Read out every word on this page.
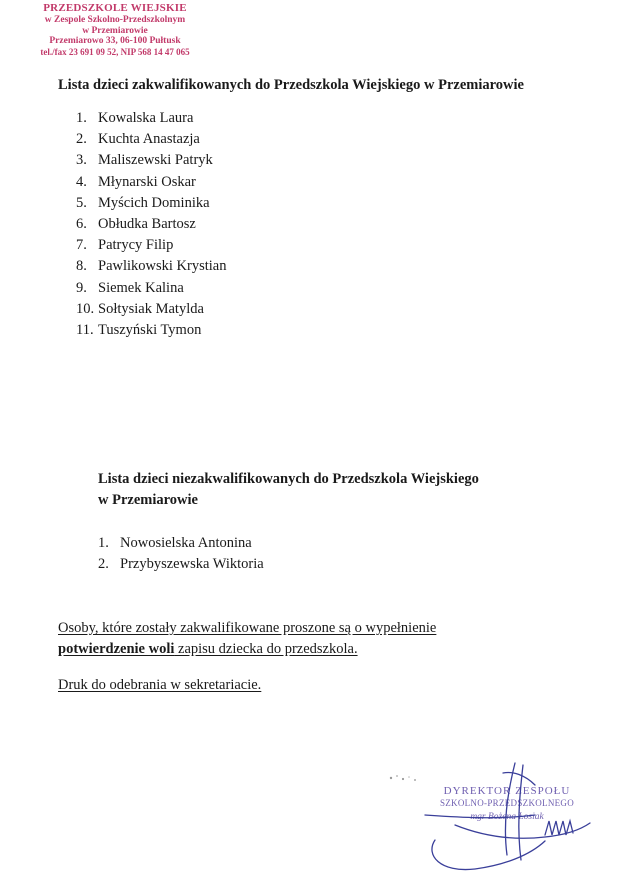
PRZEDSZKOLE WIEJSKIE
w Zespole Szkolno-Przedszkolnym
w Przemiarowie
Przemiarowo 33, 06-100 Pułtusk
tel./fax 23 691 09 52, NIP 568 14 47 065
Lista dzieci zakwalifikowanych do Przedszkola Wiejskiego w Przemiarowie
1. Kowalska Laura
2. Kuchta Anastazja
3. Maliszewski Patryk
4. Młynarski Oskar
5. Myścich Dominika
6. Obłudka Bartosz
7. Patrycy Filip
8. Pawlikowski Krystian
9. Siemek Kalina
10. Sołtysiak Matylda
11. Tuszyński Tymon
Lista dzieci niezakwalifikowanych do Przedszkola Wiejskiego
w Przemiarowie
1. Nowosielska Antonina
2. Przybyszewska Wiktoria

Osoby, które zostały zakwalifikowane proszone są o wypełnienie
potwierdzenie woli zapisu dziecka do przedszkola.

Druk do odebrania w sekretariacie.

DYREKTOR ZESPOŁU
SZKOLNO-PRZEDSZKOLNEGO
mgr Bożena Łosiak
